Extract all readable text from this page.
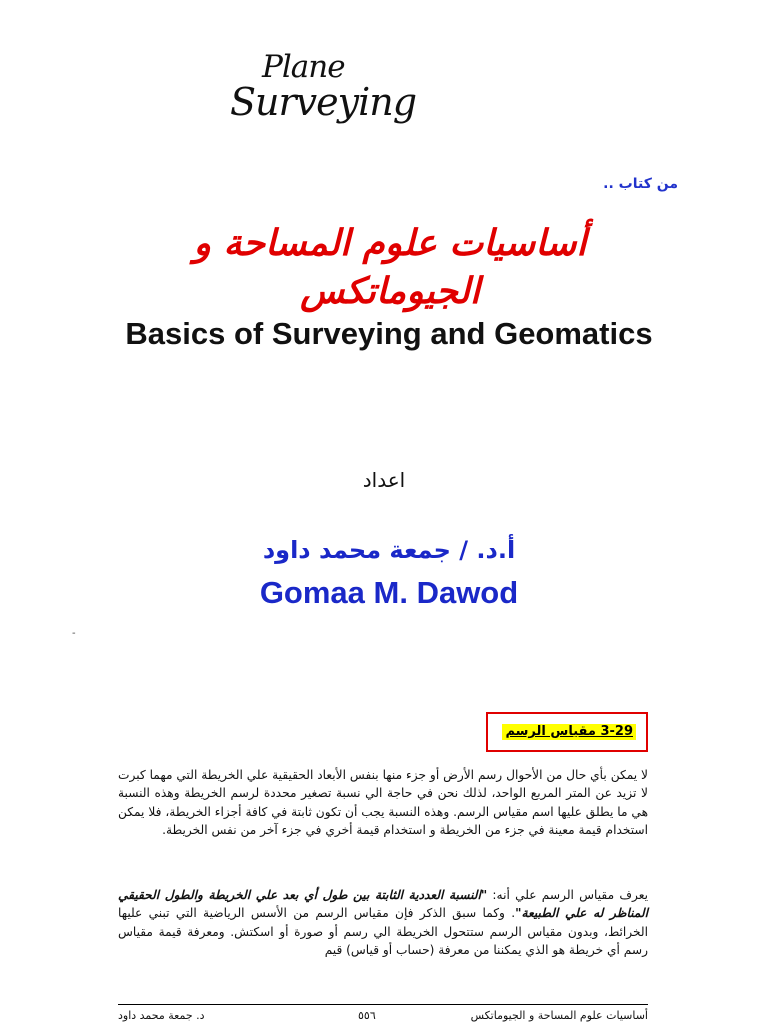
Plane
Surveying
من كتاب ..
أساسيات علوم المساحة و الجيوماتكس
Basics of Surveying and Geomatics
اعداد
أ.د. / جمعة محمد داود
Gomaa M. Dawod
-
3-29 مقياس الرسم

لا يمكن بأي حال من الأحوال رسم الأرض أو جزء منها بنفس الأبعاد الحقيقية علي الخريطة التي مهما كبرت لا تزيد عن المتر المربع الواحد، لذلك نحن في حاجة الي نسبة تصغير محددة لرسم الخريطة وهذه النسبة هي ما يطلق عليها اسم مقياس الرسم. وهذه النسبة يجب أن تكون ثابتة في كافة أجزاء الخريطة، فلا يمكن استخدام قيمة معينة في جزء من الخريطة و استخدام قيمة أخري في جزء آخر من نفس الخريطة.

يعرف مقياس الرسم علي أنه: "النسبة العددية الثابتة بين طول أي بعد علي الخريطة والطول الحقيقي المناظر له علي الطبيعة". وكما سبق الذكر فإن مقياس الرسم من الأسس الرياضية التي تبني عليها الخرائط، وبدون مقياس الرسم ستتحول الخريطة الي رسم أو صورة أو اسكتش. ومعرفة قيمة مقياس رسم أي خريطة هو الذي يمكننا من معرفة (حساب أو قياس) قيم

أساسيات علوم المساحة و الجيوماتكس
٥٥٦
د. جمعة محمد داود
